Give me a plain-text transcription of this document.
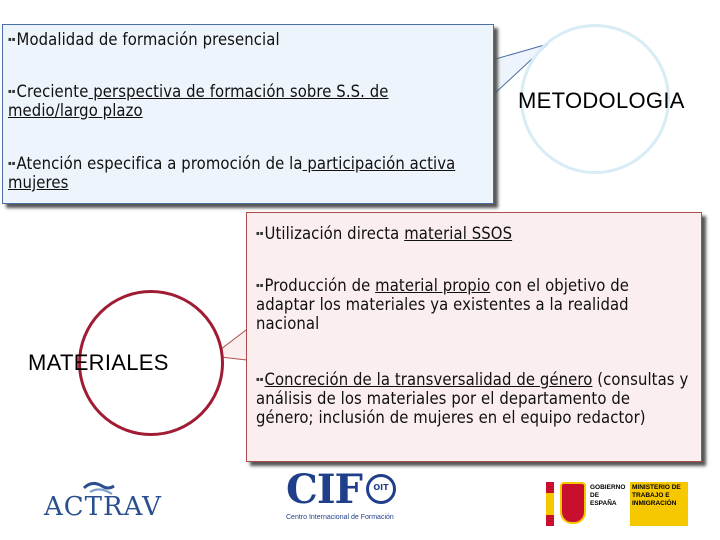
▪▪Modalidad de formación presencial
▪▪Creciente perspectiva de formación sobre S.S. de medio/largo plazo
▪▪Atención especifica a promoción de la participación activa mujeres
METODOLOGIA
▪▪Utilización directa material SSOS
▪▪Producción de material propio con el objetivo de adaptar los materiales ya existentes a la realidad nacional
▪▪Concreción de la transversalidad de género (consultas y análisis de los materiales por el departamento de género; inclusión de mujeres en el equipo redactor)
MATERIALES
ACTRAV	CIF	OIT
Centro Internacional de Formación
GOBIERNO DE ESPAÑA
MINISTERIO DE TRABAJO E INMIGRACIÓN
